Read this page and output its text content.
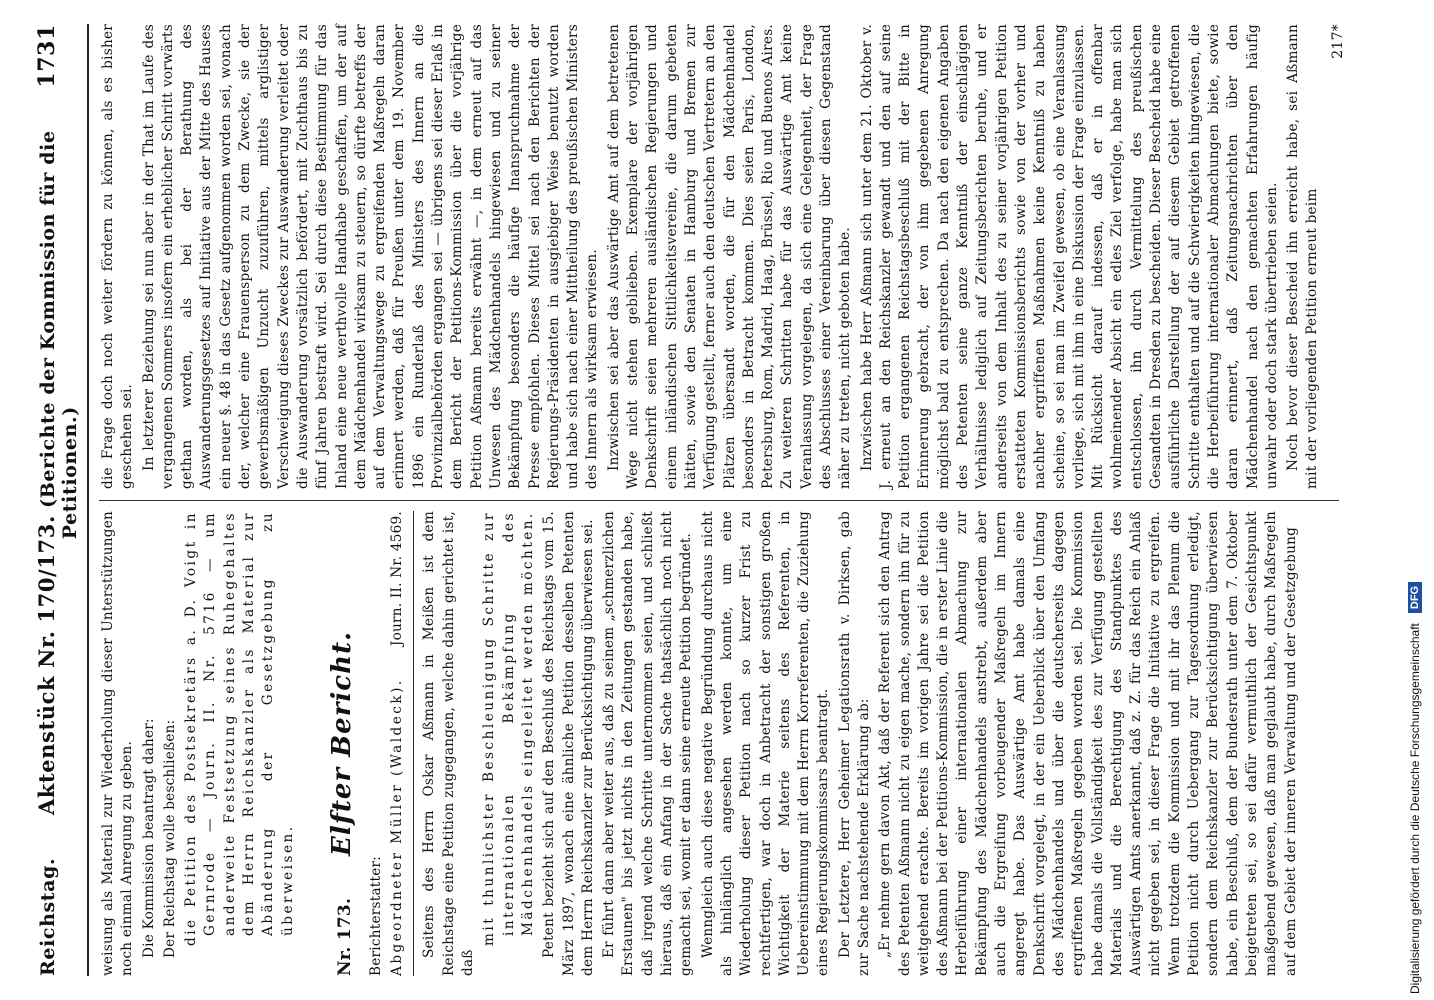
Reichstag.
Aktenstück Nr. 170/173. (Berichte der Kommission für die Petitionen.)
1731

weisung als Material zur Wiederholung dieser Unterstützungen noch einmal Anregung zu geben. Die Kommission beantragt daher: Der Reichstag wolle beschließen: die Petition des Postsekretärs a. D. Voigt in Gernrode — Journ. II. Nr. 5716 — um anderweite Festsetzung seines Ruhegehaltes dem Herrn Reichskanzler als Material zur Abänderung der Gesetzgebung zu überweisen.

Nr. 173.
Elfter Bericht.

Berichterstatter: Abgeordneter Müller (Waldeck).
Journ. II. Nr. 4569. Seitens des Herrn Oskar Aßmann in Meißen ist dem Reichstage eine Petition zugegangen, welche dahin gerichtet ist, daß

mit thunlichster Beschleunigung Schritte zur internationalen Bekämpfung des Mädchenhandels eingeleitet werden möchten. Petent bezieht sich auf den Beschluß des Reichstags vom 15. März 1897, wonach eine ähnliche Petition desselben Petenten dem Herrn Reichskanzler zur Berücksichtigung überwiesen sei. Er führt dann aber weiter aus, daß zu seinem „schmerzlichen Erstaunen" bis jetzt nichts in den Zeitungen gestanden habe, daß irgend welche Schritte unternommen seien, und schließt hieraus, daß ein Anfang in der Sache thatsächlich noch nicht gemacht sei, womit er dann seine erneute Petition begründet. Wenngleich auch diese negative Begründung durchaus nicht als hinlänglich angesehen werden konnte, um eine Wiederholung dieser Petition nach so kurzer Frist zu rechtfertigen, war doch in Anbetracht der sonstigen großen Wichtigkeit der Materie seitens des Referenten, in Uebereinstimmung mit dem Herrn Korreferenten, die Zuziehung eines Regierungskommissars beantragt. Der Letztere, Herr Geheimer Legationsrath v. Dirksen, gab zur Sache nachstehende Erklärung ab: „Er nehme gern davon Akt, daß der Referent sich den Antrag des Petenten Aßmann nicht zu eigen mache, sondern ihn für zu weitgehend erachte. Bereits im vorigen Jahre sei die Petition des Aßmann bei der Petitions-Kommission, die in erster Linie die Herbeiführung einer internationalen Abmachung zur Bekämpfung des Mädchenhandels anstrebt, außerdem aber auch die Ergreifung vorbeugender Maßregeln im Innern angeregt habe. Das Auswärtige Amt habe damals eine Denkschrift vorgelegt, in der ein Ueberblick über den Umfang des Mädchenhandels und über die deutscherseits dagegen ergriffenen Maßregeln gegeben worden sei. Die Kommission habe damals die Vollständigkeit des zur Verfügung gestellten Materials und die Berechtigung des Standpunktes des Auswärtigen Amts anerkannt, daß z. Z. für das Reich ein Anlaß nicht gegeben sei, in dieser Frage die Initiative zu ergreifen. Wenn trotzdem die Kommission und mit ihr das Plenum die Petition nicht durch Uebergang zur Tagesordnung erledigt, sondern dem Reichskanzler zur Berücksichtigung überwiesen habe, ein Beschluß, dem der Bundesrath unter dem 7. Oktober beigetreten sei, so sei dafür vermuthlich der Gesichtspunkt maßgebend gewesen, daß man geglaubt habe, durch Maßregeln auf dem Gebiet der inneren Verwaltung und der Gesetzgebung

die Frage doch noch weiter fördern zu können, als es bisher geschehen sei. In letzterer Beziehung sei nun aber in der That im Laufe des vergangenen Sommers insofern ein erheblicher Schritt vorwärts gethan worden, als bei der Berathung des Auswanderungsgesetzes auf Initiative aus der Mitte des Hauses ein neuer §. 48 in das Gesetz aufgenommen worden sei, wonach der, welcher eine Frauensperson zu dem Zwecke, sie der gewerbsmäßigen Unzucht zuzuführen, mittels arglistiger Verschweigung dieses Zweckes zur Auswanderung verleitet oder die Auswanderung vorsätzlich befördert, mit Zuchthaus bis zu fünf Jahren bestraft wird. Sei durch diese Bestimmung für das Inland eine neue werthvolle Handhabe geschaffen, um der auf dem Mädchenhandel wirksam zu steuern, so dürfte betreffs der auf dem Verwaltungswege zu ergreifenden Maßregeln daran erinnert werden, daß für Preußen unter dem 19. November 1896 ein Runderlaß des Ministers des Innern an die Provinzialbehörden ergangen sei — übrigens sei dieser Erlaß in dem Bericht der Petitions-Kommission über die vorjährige Petition Aßmann bereits erwähnt —, in dem erneut auf das Unwesen des Mädchenhandels hingewiesen und zu seiner Bekämpfung besonders die häufige Inanspruchnahme der Presse empfohlen. Dieses Mittel sei nach den Berichten der Regierungs-Präsidenten in ausgiebiger Weise benutzt worden und habe sich nach einer Mittheilung des preußischen Ministers des Innern als wirksam erwiesen. Inzwischen sei aber das Auswärtige Amt auf dem betretenen Wege nicht stehen geblieben. Exemplare der vorjährigen Denkschrift seien mehreren ausländischen Regierungen und einem inländischen Sittlichkeitsvereine, die darum gebeten hätten, sowie den Senaten in Hamburg und Bremen zur Verfügung gestellt, ferner auch den deutschen Vertretern an den Plätzen übersandt worden, die für den Mädchenhandel besonders in Betracht kommen. Dies seien Paris, London, Petersburg, Rom, Madrid, Haag, Brüssel, Rio und Buenos Aires. Zu weiteren Schritten habe für das Auswärtige Amt keine Veranlassung vorgelegen, da sich eine Gelegenheit, der Frage des Abschlusses einer Vereinbarung über diesen Gegenstand näher zu treten, nicht geboten habe. Inzwischen habe Herr Aßmann sich unter dem 21. Oktober v. J. erneut an den Reichskanzler gewandt und den auf seine Petition ergangenen Reichstagsbeschluß mit der Bitte in Erinnerung gebracht, der von ihm gegebenen Anregung möglichst bald zu entsprechen. Da nach den eigenen Angaben des Petenten seine ganze Kenntniß der einschlägigen Verhältnisse lediglich auf Zeitungsberichten beruhe, und er anderseits von dem Inhalt des zu seiner vorjährigen Petition erstatteten Kommissionsberichts sowie von der vorher und nachher ergriffenen Maßnahmen keine Kenntniß zu haben scheine, so sei man im Zweifel gewesen, ob eine Veranlassung vorliege, sich mit ihm in eine Diskussion der Frage einzulassen. Mit Rücksicht darauf indessen, daß er in offenbar wohlmeinender Absicht ein edles Ziel verfolge, habe man sich entschlossen, ihn durch Vermittelung des preußischen Gesandten in Dresden zu bescheiden. Dieser Bescheid habe eine ausführliche Darstellung der auf diesem Gebiet getroffenen Schritte enthalten und auf die Schwierigkeiten hingewiesen, die die Herbeiführung internationaler Abmachungen biete, sowie daran erinnert, daß Zeitungsnachrichten über den Mädchenhandel nach den gemachten Erfahrungen häufig unwahr oder doch stark übertrieben seien. Noch bevor dieser Bescheid ihn erreicht habe, sei Aßmann mit der vorliegenden Petition erneut beim

217*
Digitalisierung gefördert durch die Deutsche Forschungsgemeinschaft
DFG
